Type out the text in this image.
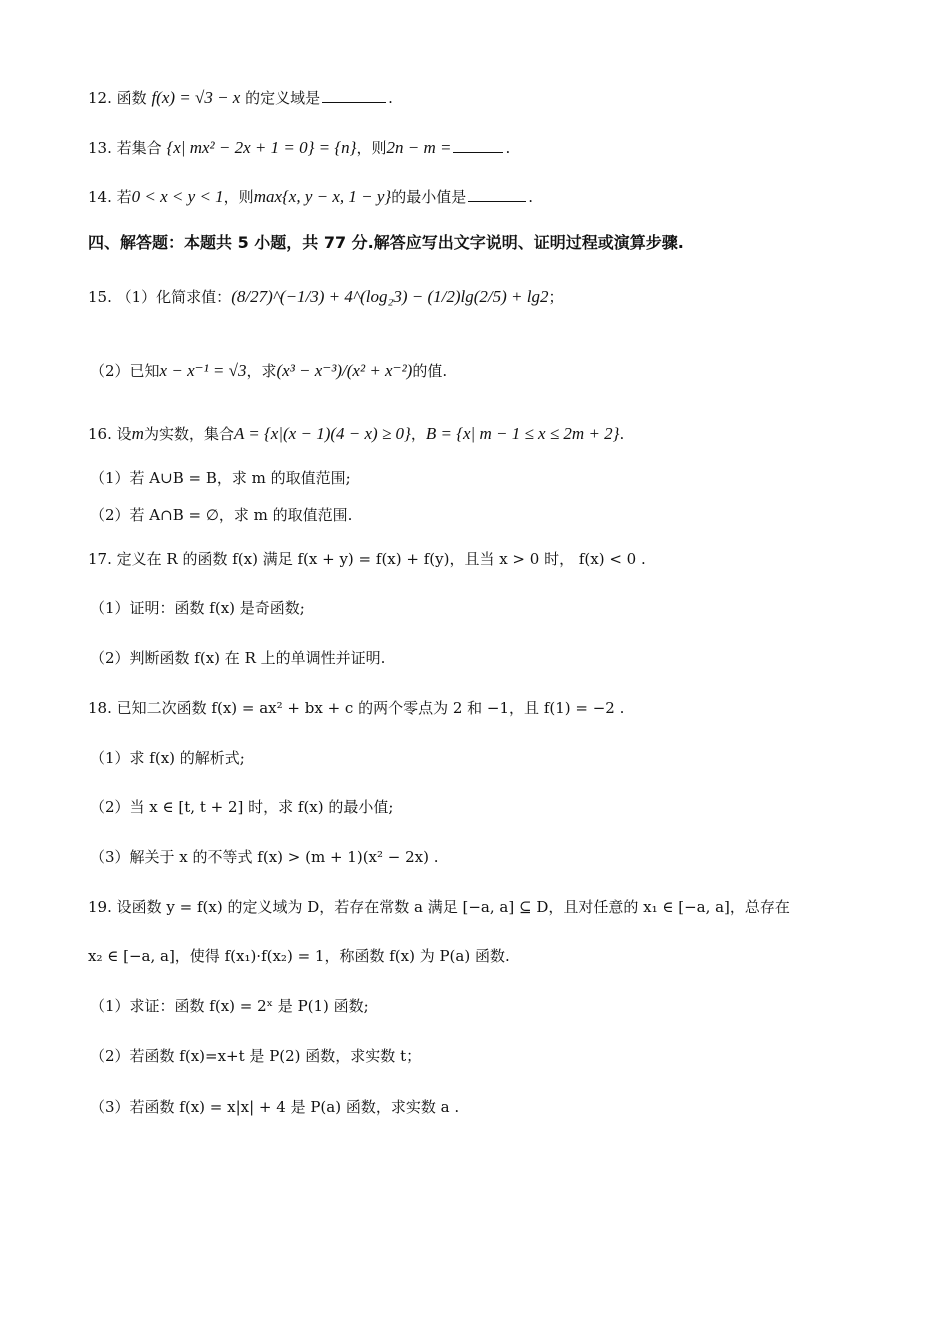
12. 函数 f(x) = √3 − x 的定义域是	.
13. 若集合 {x| mx² − 2x + 1 = 0} = {n}，则2n − m =	.
14. 若0 < x < y < 1，则max{x, y − x, 1 − y}的最小值是	.
四、解答题：本题共 5 小题，共 77 分.解答应写出文字说明、证明过程或演算步骤.
15. （1）化简求值：(8/27)^(−1/3) + 4^(log₂3) − (1/2)lg(2/5) + lg2；
（2）已知x − x⁻¹ = √3，求(x³ − x⁻³)/(x² + x⁻²)的值.
16. 设m为实数，集合A = {x|(x − 1)(4 − x) ≥ 0}，B = {x| m − 1 ≤ x ≤ 2m + 2}.
（1）若 A∪B = B，求 m 的取值范围;
（2）若 A∩B = ∅，求 m 的取值范围.
17. 定义在 R 的函数 f(x) 满足 f(x + y) = f(x) + f(y)，且当 x > 0 时， f(x) < 0 .
（1）证明：函数 f(x) 是奇函数;
（2）判断函数 f(x) 在 R 上的单调性并证明.
18. 已知二次函数 f(x) = ax² + bx + c 的两个零点为 2 和 −1，且 f(1) = −2 .
（1）求 f(x) 的解析式;
（2）当 x ∈ [t, t + 2] 时，求 f(x) 的最小值;
（3）解关于 x 的不等式 f(x) > (m + 1)(x² − 2x) .
19. 设函数 y = f(x) 的定义域为 D，若存在常数 a 满足 [−a, a] ⊆ D，且对任意的 x₁ ∈ [−a, a]，总存在
x₂ ∈ [−a, a]，使得 f(x₁)·f(x₂) = 1，称函数 f(x) 为 P(a) 函数.
（1）求证：函数 f(x) = 2ˣ 是 P(1) 函数;
（2）若函数 f(x)=x+t 是 P(2) 函数，求实数 t；
（3）若函数 f(x) = x|x| + 4 是 P(a) 函数，求实数 a .
